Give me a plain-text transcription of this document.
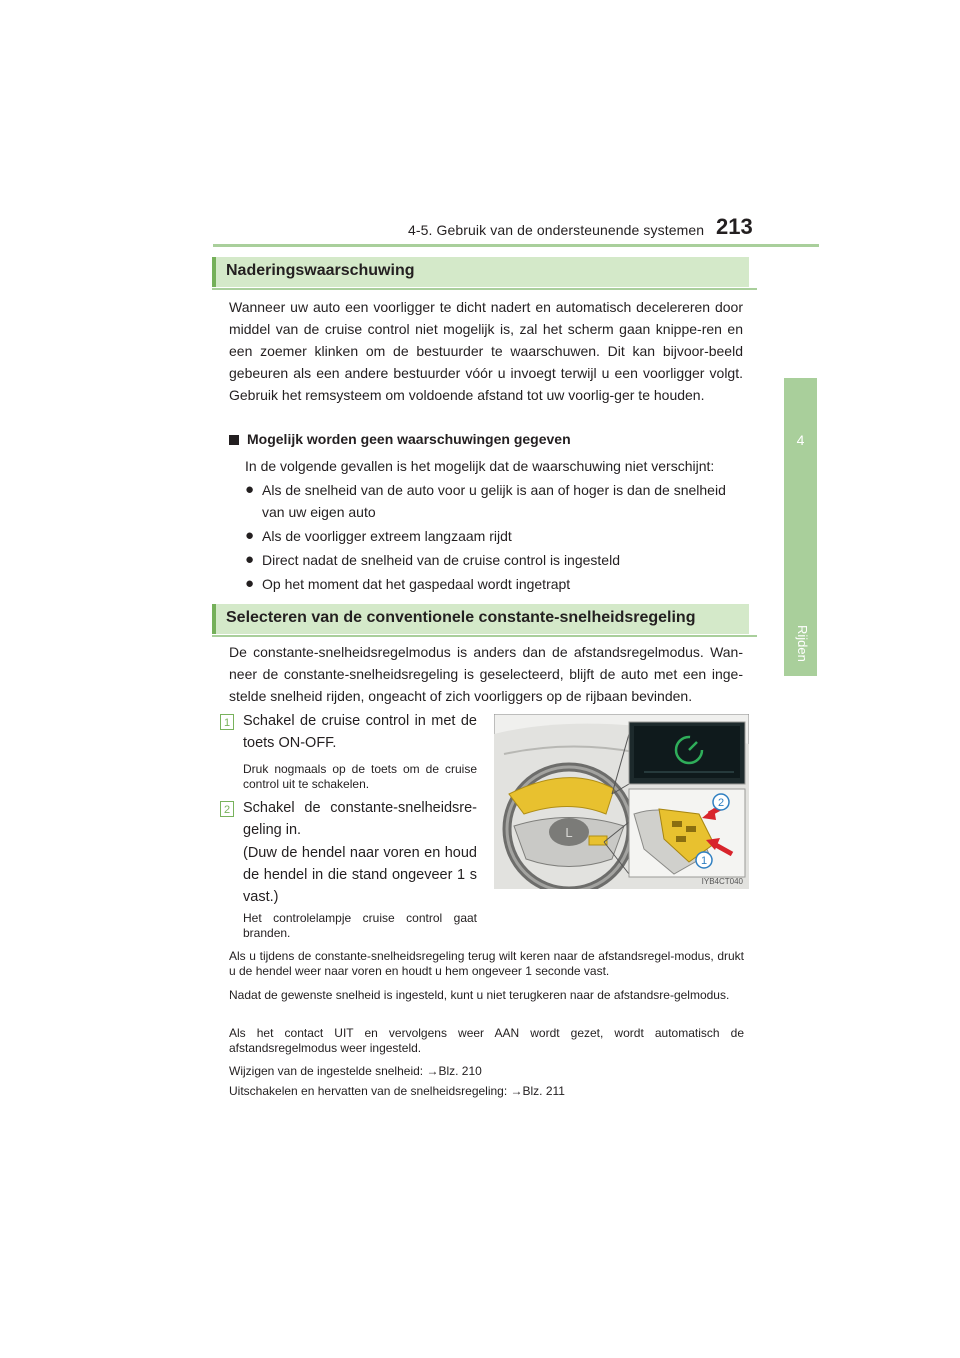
4-5. Gebruik van de ondersteunende systemen 213
4
Rijden
Naderingswaarschuwing
Wanneer uw auto een voorligger te dicht nadert en automatisch decelereren door middel van de cruise control niet mogelijk is, zal het scherm gaan knippe-ren en een zoemer klinken om de bestuurder te waarschuwen. Dit kan bijvoor-beeld gebeuren als een andere bestuurder vóór u invoegt terwijl u een voorligger volgt. Gebruik het remsysteem om voldoende afstand tot uw voorlig-ger te houden.
Mogelijk worden geen waarschuwingen gegeven
In de volgende gevallen is het mogelijk dat de waarschuwing niet verschijnt:
● Als de snelheid van de auto voor u gelijk is aan of hoger is dan de snelheid van uw eigen auto
● Als de voorligger extreem langzaam rijdt
● Direct nadat de snelheid van de cruise control is ingesteld
● Op het moment dat het gaspedaal wordt ingetrapt
Selecteren van de conventionele constante-snelheidsregeling
De constante-snelheidsregelmodus is anders dan de afstandsregelmodus. Wan-neer de constante-snelheidsregeling is geselecteerd, blijft de auto met een inge-stelde snelheid rijden, ongeacht of zich voorliggers op de rijbaan bevinden.
1 Schakel de cruise control in met de toets ON-OFF.
Druk nogmaals op de toets om de cruise control uit te schakelen.
2 Schakel de constante-snelheidsre-geling in.
(Duw de hendel naar voren en houd de hendel in die stand ongeveer 1 s vast.)
Het controlelampje cruise control gaat branden.
L
2
1
IYB4CT040
Als u tijdens de constante-snelheidsregeling terug wilt keren naar de afstandsregel-modus, drukt u de hendel weer naar voren en houdt u hem ongeveer 1 seconde vast.
Nadat de gewenste snelheid is ingesteld, kunt u niet terugkeren naar de afstandsre-gelmodus.
Als het contact UIT en vervolgens weer AAN wordt gezet, wordt automatisch de afstandsregelmodus weer ingesteld.
Wijzigen van de ingestelde snelheid: →Blz. 210
Uitschakelen en hervatten van de snelheidsregeling: →Blz. 211
